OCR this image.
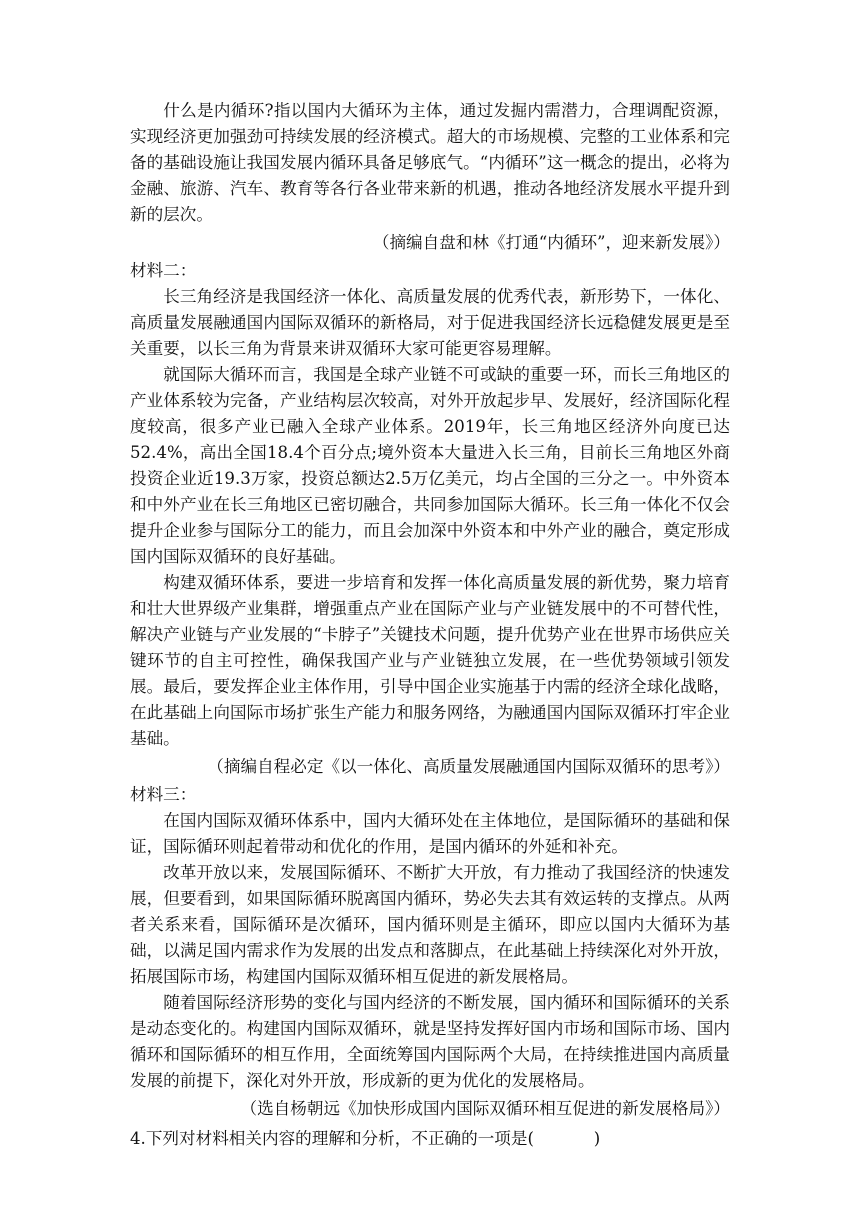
什么是内循环?指以国内大循环为主体，通过发掘内需潜力，合理调配资源，实现经济更加强劲可持续发展的经济模式。超大的市场规模、完整的工业体系和完备的基础设施让我国发展内循环具备足够底气。“内循环”这一概念的提出，必将为金融、旅游、汽车、教育等各行各业带来新的机遇，推动各地经济发展水平提升到新的层次。

（摘编自盘和林《打通“内循环”，迎来新发展》）

材料二：

长三角经济是我国经济一体化、高质量发展的优秀代表，新形势下，一体化、高质量发展融通国内国际双循环的新格局，对于促进我国经济长远稳健发展更是至关重要，以长三角为背景来讲双循环大家可能更容易理解。

就国际大循环而言，我国是全球产业链不可或缺的重要一环，而长三角地区的产业体系较为完备，产业结构层次较高，对外开放起步早、发展好，经济国际化程度较高，很多产业已融入全球产业体系。2019年，长三角地区经济外向度已达52.4%，高出全国18.4个百分点;境外资本大量进入长三角，目前长三角地区外商投资企业近19.3万家，投资总额达2.5万亿美元，均占全国的三分之一。中外资本和中外产业在长三角地区已密切融合，共同参加国际大循环。长三角一体化不仅会提升企业参与国际分工的能力，而且会加深中外资本和中外产业的融合，奠定形成国内国际双循环的良好基础。

构建双循环体系，要进一步培育和发挥一体化高质量发展的新优势，聚力培育和壮大世界级产业集群，增强重点产业在国际产业与产业链发展中的不可替代性，解决产业链与产业发展的“卡脖子”关键技术问题，提升优势产业在世界市场供应关键环节的自主可控性，确保我国产业与产业链独立发展，在一些优势领域引领发展。最后，要发挥企业主体作用，引导中国企业实施基于内需的经济全球化战略，在此基础上向国际市场扩张生产能力和服务网络，为融通国内国际双循环打牢企业基础。

（摘编自程必定《以一体化、高质量发展融通国内国际双循环的思考》）

材料三：

在国内国际双循环体系中，国内大循环处在主体地位，是国际循环的基础和保证，国际循环则起着带动和优化的作用，是国内循环的外延和补充。

改革开放以来，发展国际循环、不断扩大开放，有力推动了我国经济的快速发展，但要看到，如果国际循环脱离国内循环，势必失去其有效运转的支撑点。从两者关系来看，国际循环是次循环，国内循环则是主循环，即应以国内大循环为基础，以满足国内需求作为发展的出发点和落脚点，在此基础上持续深化对外开放，拓展国际市场，构建国内国际双循环相互促进的新发展格局。

随着国际经济形势的变化与国内经济的不断发展，国内循环和国际循环的关系是动态变化的。构建国内国际双循环，就是坚持发挥好国内市场和国际市场、国内循环和国际循环的相互作用，全面统筹国内国际两个大局，在持续推进国内高质量发展的前提下，深化对外开放，形成新的更为优化的发展格局。

（选自杨朝远《加快形成国内国际双循环相互促进的新发展格局》）

4.下列对材料相关内容的理解和分析，不正确的一项是(	)
